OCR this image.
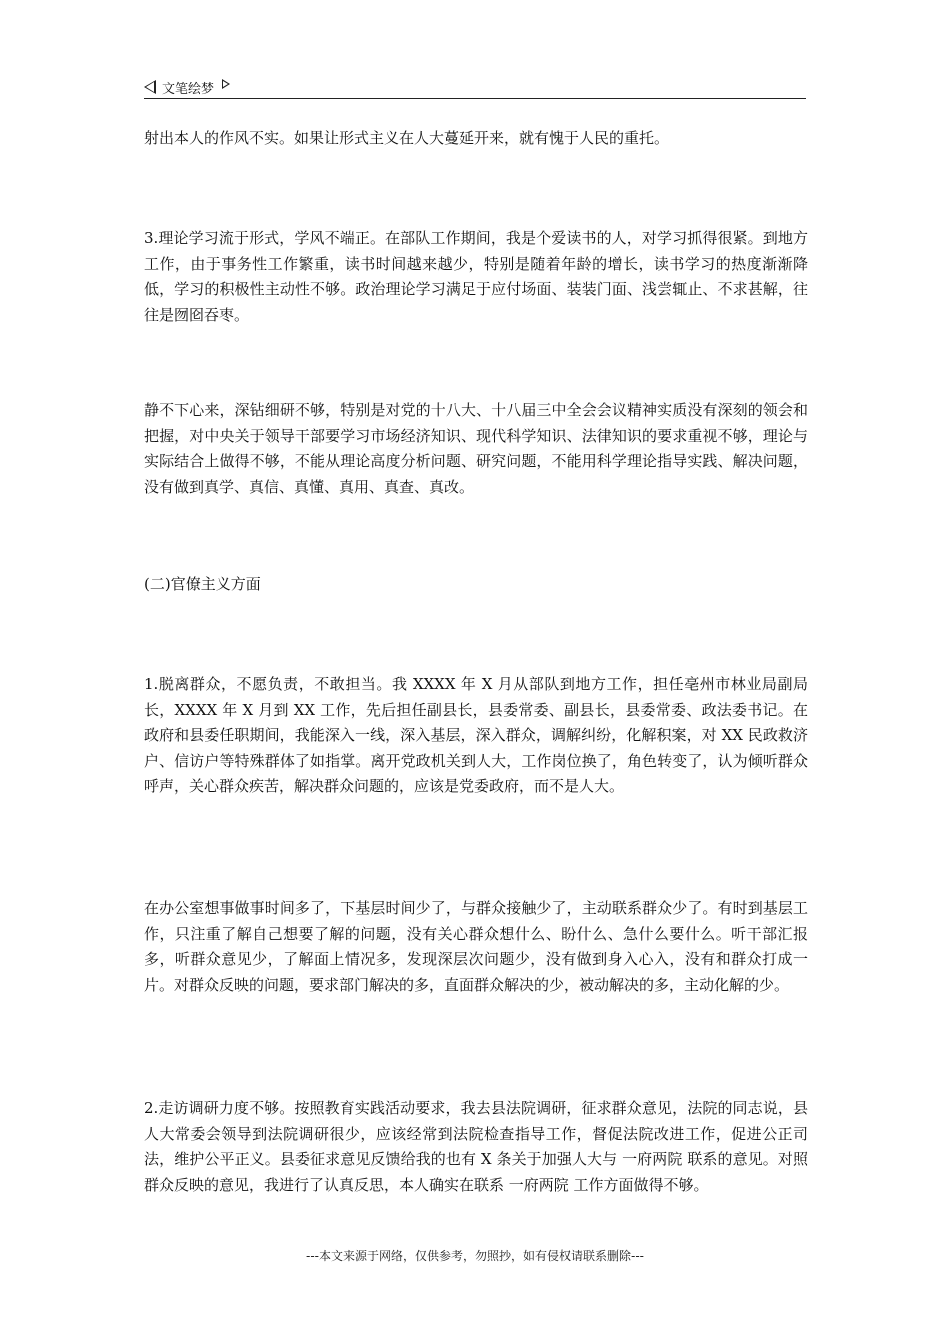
文笔绘梦

射出本人的作风不实。如果让形式主义在人大蔓延开来，就有愧于人民的重托。

3.理论学习流于形式，学风不端正。在部队工作期间，我是个爱读书的人，对学习抓得很紧。到地方工作，由于事务性工作繁重，读书时间越来越少，特别是随着年龄的增长，读书学习的热度渐渐降低，学习的积极性主动性不够。政治理论学习满足于应付场面、装装门面、浅尝辄止、不求甚解，往往是囫囵吞枣。

静不下心来，深钻细研不够，特别是对党的十八大、十八届三中全会会议精神实质没有深刻的领会和把握，对中央关于领导干部要学习市场经济知识、现代科学知识、法律知识的要求重视不够，理论与实际结合上做得不够，不能从理论高度分析问题、研究问题，不能用科学理论指导实践、解决问题，没有做到真学、真信、真懂、真用、真查、真改。

(二)官僚主义方面

1.脱离群众，不愿负责，不敢担当。我 XXXX 年 X 月从部队到地方工作，担任亳州市林业局副局长，XXXX 年 X 月到 XX 工作，先后担任副县长，县委常委、副县长，县委常委、政法委书记。在政府和县委任职期间，我能深入一线，深入基层，深入群众，调解纠纷，化解积案，对 XX 民政救济户、信访户等特殊群体了如指掌。离开党政机关到人大，工作岗位换了，角色转变了，认为倾听群众呼声，关心群众疾苦，解决群众问题的，应该是党委政府，而不是人大。

在办公室想事做事时间多了，下基层时间少了，与群众接触少了，主动联系群众少了。有时到基层工作，只注重了解自己想要了解的问题，没有关心群众想什么、盼什么、急什么要什么。听干部汇报多，听群众意见少，了解面上情况多，发现深层次问题少，没有做到身入心入，没有和群众打成一片。对群众反映的问题，要求部门解决的多，直面群众解决的少，被动解决的多，主动化解的少。

2.走访调研力度不够。按照教育实践活动要求，我去县法院调研，征求群众意见，法院的同志说，县人大常委会领导到法院调研很少，应该经常到法院检查指导工作，督促法院改进工作，促进公正司法，维护公平正义。县委征求意见反馈给我的也有 X 条关于加强人大与 一府两院 联系的意见。对照群众反映的意见，我进行了认真反思，本人确实在联系 一府两院 工作方面做得不够。

---本文来源于网络，仅供参考，勿照抄，如有侵权请联系删除---
